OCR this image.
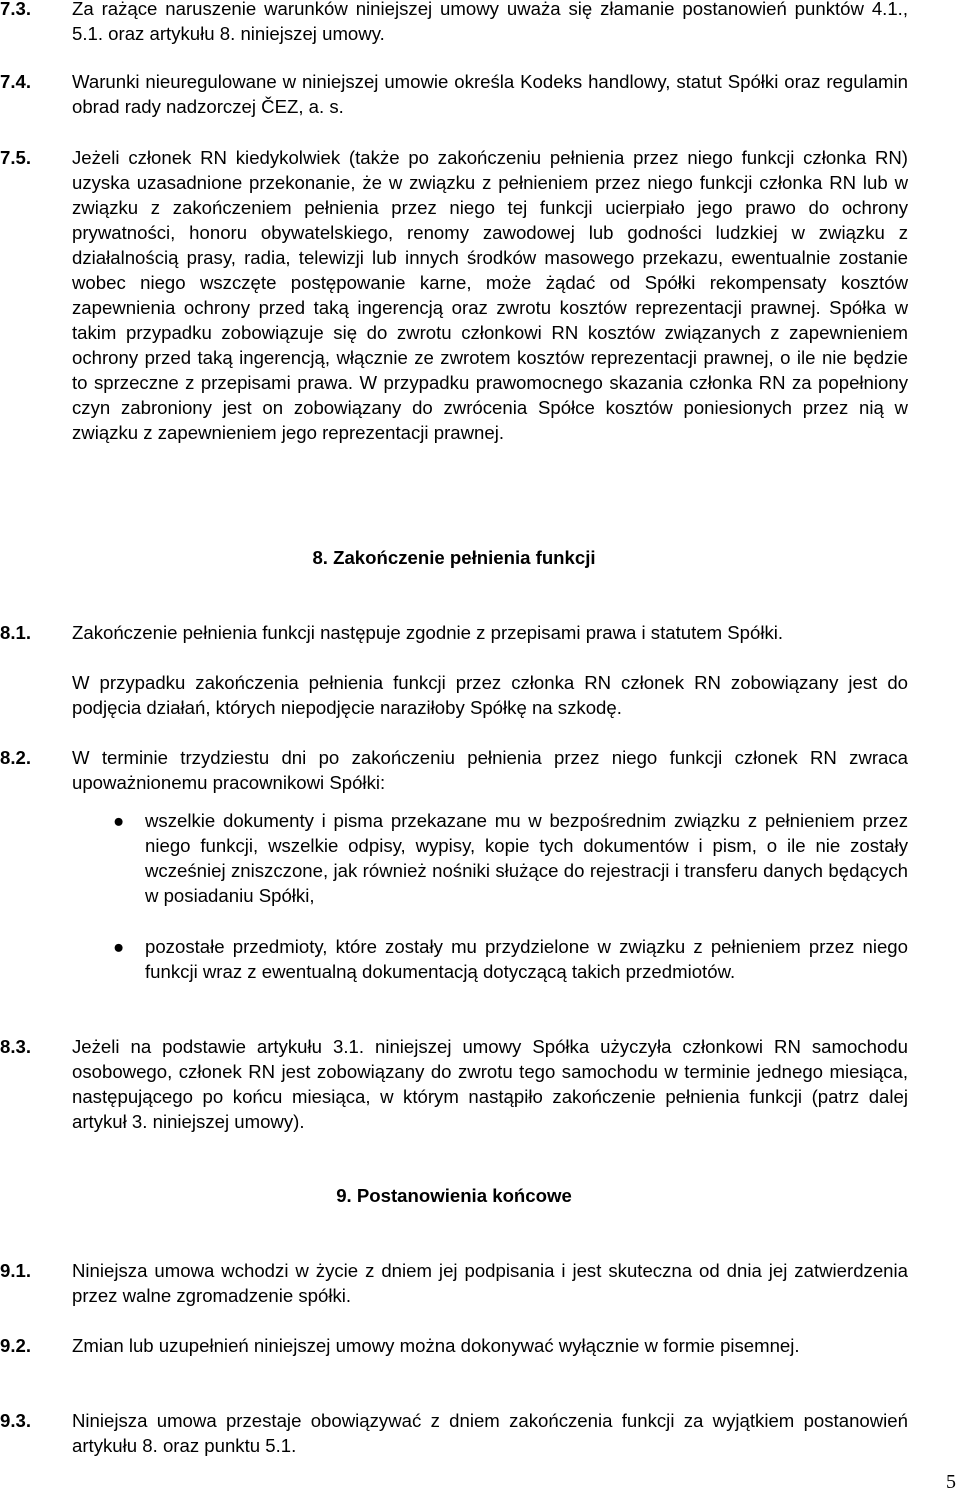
7.3.	Za rażące naruszenie warunków niniejszej umowy uważa się złamanie postanowień punktów 4.1., 5.1. oraz artykułu 8. niniejszej umowy.
7.4.	Warunki nieuregulowane w niniejszej umowie określa Kodeks handlowy, statut Spółki oraz regulamin obrad rady nadzorczej ČEZ, a. s.
7.5.	Jeżeli członek RN kiedykolwiek (także po zakończeniu pełnienia przez niego funkcji członka RN) uzyska uzasadnione przekonanie, że w związku z pełnieniem przez niego funkcji członka RN lub w związku z zakończeniem pełnienia przez niego tej funkcji ucierpiało jego prawo do ochrony prywatności, honoru obywatelskiego, renomy zawodowej lub godności ludzkiej w związku z działalnością prasy, radia, telewizji lub innych środków masowego przekazu, ewentualnie zostanie wobec niego wszczęte postępowanie karne, może żądać od Spółki rekompensaty kosztów zapewnienia ochrony przed taką ingerencją oraz zwrotu kosztów reprezentacji prawnej. Spółka w takim przypadku zobowiązuje się do zwrotu członkowi RN kosztów związanych z zapewnieniem ochrony przed taką ingerencją, włącznie ze zwrotem kosztów reprezentacji prawnej, o ile nie będzie to sprzeczne z przepisami prawa. W przypadku prawomocnego skazania członka RN za popełniony czyn zabroniony jest on zobowiązany do zwrócenia Spółce kosztów poniesionych przez nią w związku z zapewnieniem jego reprezentacji prawnej.
8. Zakończenie pełnienia funkcji
8.1.	Zakończenie pełnienia funkcji następuje zgodnie z przepisami prawa i statutem Spółki.
W przypadku zakończenia pełnienia funkcji przez członka RN członek RN zobowiązany jest do podjęcia działań, których niepodjęcie naraziłoby Spółkę na szkodę.
8.2.	W terminie trzydziestu dni po zakończeniu pełnienia przez niego funkcji członek RN zwraca upoważnionemu pracownikowi Spółki:
●	wszelkie dokumenty i pisma przekazane mu w bezpośrednim związku z pełnieniem przez niego funkcji, wszelkie odpisy, wypisy, kopie tych dokumentów i pism, o ile nie zostały wcześniej zniszczone, jak również nośniki służące do rejestracji i transferu danych będących w posiadaniu Spółki,
●	pozostałe przedmioty, które zostały mu przydzielone w związku z pełnieniem przez niego funkcji wraz z ewentualną dokumentacją dotyczącą takich przedmiotów.
8.3.	Jeżeli na podstawie artykułu 3.1. niniejszej umowy Spółka użyczyła członkowi RN samochodu osobowego, członek RN jest zobowiązany do zwrotu tego samochodu w terminie jednego miesiąca, następującego po końcu miesiąca, w którym nastąpiło zakończenie pełnienia funkcji (patrz dalej artykuł 3. niniejszej umowy).
9. Postanowienia końcowe
9.1.	Niniejsza umowa wchodzi w życie z dniem jej podpisania i jest skuteczna od dnia jej zatwierdzenia przez walne zgromadzenie spółki.
9.2.	Zmian lub uzupełnień niniejszej umowy można dokonywać wyłącznie w formie pisemnej.
9.3.	Niniejsza umowa przestaje obowiązywać z dniem zakończenia funkcji za wyjątkiem postanowień artykułu 8. oraz punktu 5.1.
5
